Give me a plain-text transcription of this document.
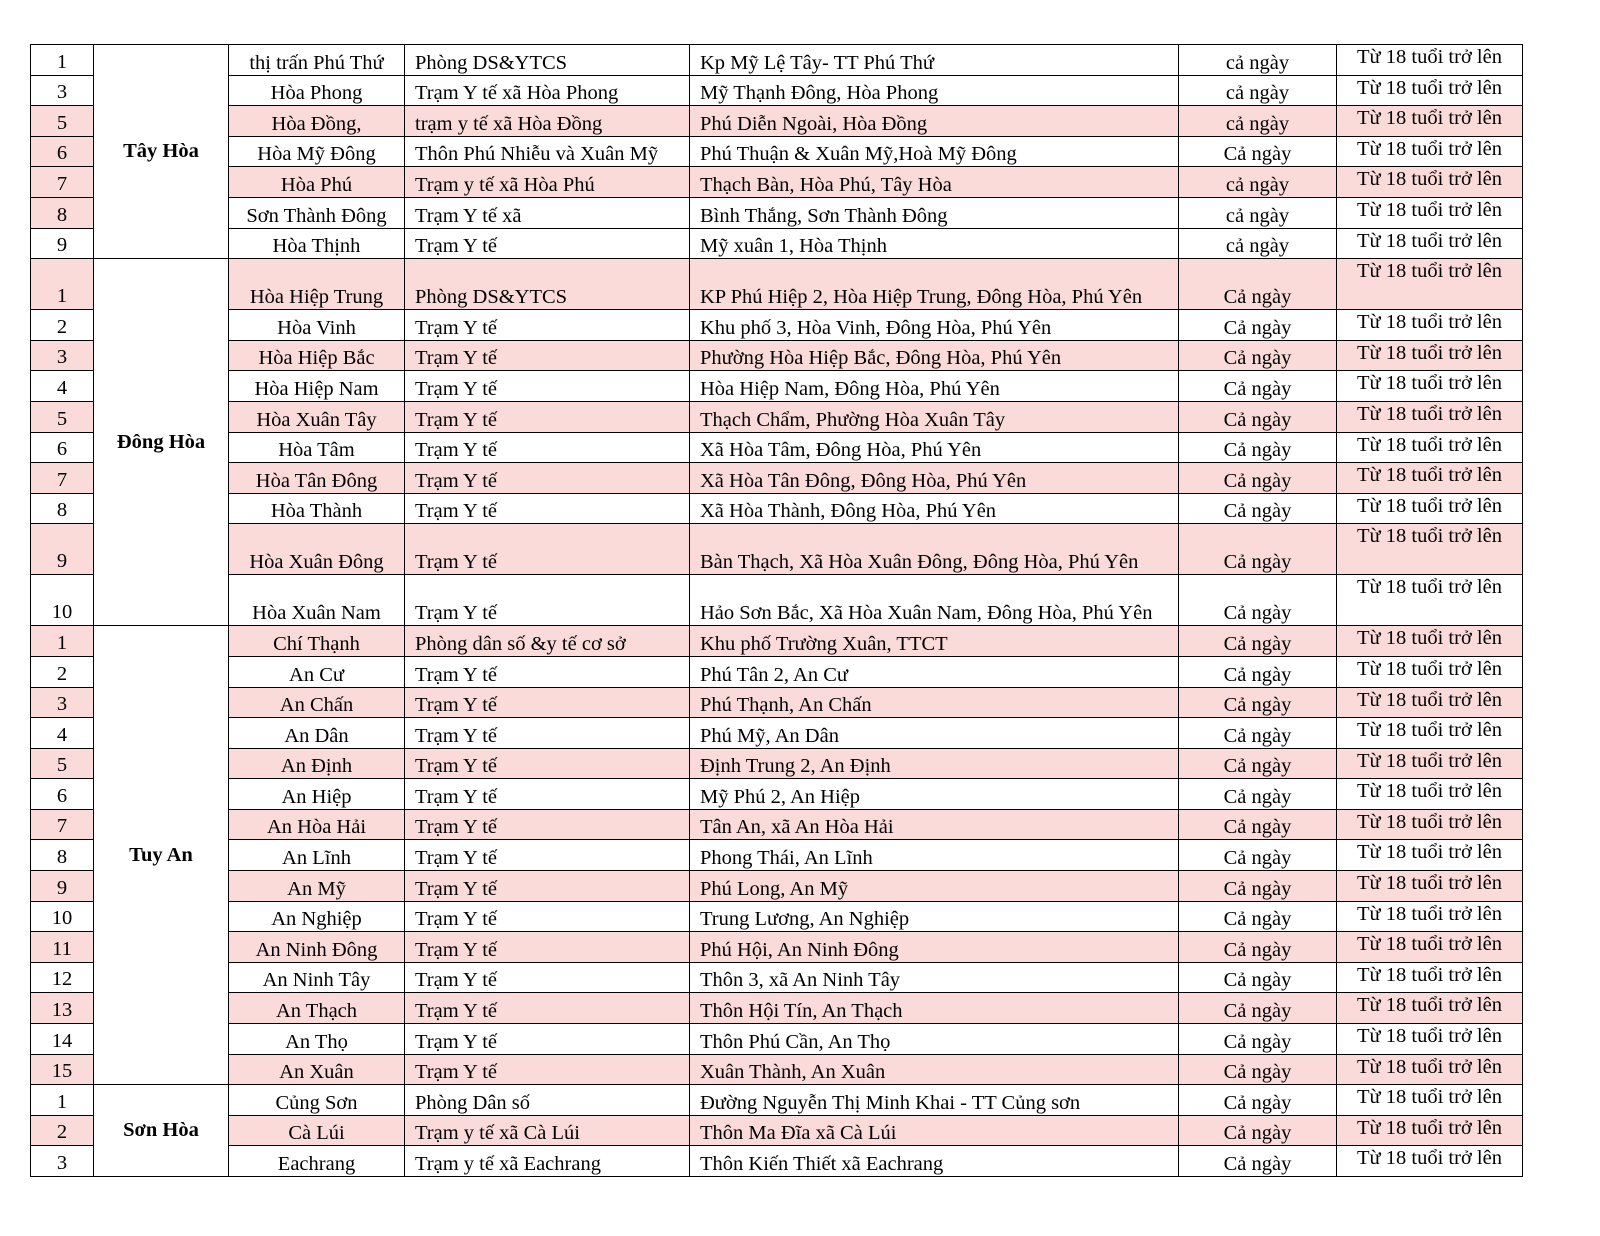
1	Tây Hòa	thị trấn Phú Thứ	Phòng DS&YTCS	Kp Mỹ Lệ Tây- TT Phú Thứ	cả ngày	Từ 18 tuổi trở lên
3		Hòa Phong	Trạm Y tế xã Hòa Phong	Mỹ Thạnh Đông, Hòa Phong	cả ngày	Từ 18 tuổi trở lên
5		Hòa Đồng,	trạm y tế xã Hòa Đồng	Phú Diễn Ngoài, Hòa Đồng	cả ngày	Từ 18 tuổi trở lên
6		Hòa Mỹ Đông	Thôn Phú Nhiễu và Xuân Mỹ	Phú Thuận & Xuân Mỹ,Hoà Mỹ Đông	Cả ngày	Từ 18 tuổi trở lên
7		Hòa Phú	Trạm y tế xã Hòa Phú	Thạch Bàn, Hòa Phú, Tây Hòa	cả ngày	Từ 18 tuổi trở lên
8		Sơn Thành Đông	Trạm Y tế xã	Bình Thắng, Sơn Thành Đông	cả ngày	Từ 18 tuổi trở lên
9		Hòa Thịnh	Trạm Y tế	Mỹ xuân 1, Hòa Thịnh	cả ngày	Từ 18 tuổi trở lên
1	Đông Hòa	Hòa Hiệp Trung	Phòng DS&YTCS	KP Phú Hiệp 2, Hòa Hiệp Trung, Đông Hòa, Phú Yên	Cả ngày	Từ 18 tuổi trở lên
2		Hòa Vinh	Trạm Y tế	Khu phố 3, Hòa Vinh, Đông Hòa, Phú Yên	Cả ngày	Từ 18 tuổi trở lên
3		Hòa Hiệp Bắc	Trạm Y tế	Phường Hòa Hiệp Bắc, Đông Hòa, Phú Yên	Cả ngày	Từ 18 tuổi trở lên
4		Hòa Hiệp Nam	Trạm Y tế	Hòa Hiệp Nam, Đông Hòa, Phú Yên	Cả ngày	Từ 18 tuổi trở lên
5		Hòa Xuân Tây	Trạm Y tế	Thạch Chẩm, Phường Hòa Xuân Tây	Cả ngày	Từ 18 tuổi trở lên
6		Hòa Tâm	Trạm Y tế	Xã Hòa Tâm, Đông Hòa, Phú Yên	Cả ngày	Từ 18 tuổi trở lên
7		Hòa Tân Đông	Trạm Y tế	Xã Hòa Tân Đông, Đông Hòa, Phú Yên	Cả ngày	Từ 18 tuổi trở lên
8		Hòa Thành	Trạm Y tế	Xã Hòa Thành, Đông Hòa, Phú Yên	Cả ngày	Từ 18 tuổi trở lên
9		Hòa Xuân Đông	Trạm Y tế	Bàn Thạch, Xã Hòa Xuân Đông, Đông Hòa, Phú Yên	Cả ngày	Từ 18 tuổi trở lên
10		Hòa Xuân Nam	Trạm Y tế	Hảo Sơn Bắc, Xã Hòa Xuân Nam, Đông Hòa, Phú Yên	Cả ngày	Từ 18 tuổi trở lên
1	Tuy An	Chí Thạnh	Phòng dân số &y tế cơ sở	Khu phố Trường Xuân, TTCT	Cả ngày	Từ 18 tuổi trở lên
2		An Cư	Trạm Y tế	Phú Tân 2, An Cư	Cả ngày	Từ 18 tuổi trở lên
3		An Chấn	Trạm Y tế	Phú Thạnh, An Chấn	Cả ngày	Từ 18 tuổi trở lên
4		An Dân	Trạm Y tế	Phú Mỹ, An Dân	Cả ngày	Từ 18 tuổi trở lên
5		An Định	Trạm Y tế	Định Trung 2, An Định	Cả ngày	Từ 18 tuổi trở lên
6		An Hiệp	Trạm Y tế	Mỹ Phú 2, An Hiệp	Cả ngày	Từ 18 tuổi trở lên
7		An Hòa Hải	Trạm Y tế	Tân An, xã An Hòa Hải	Cả ngày	Từ 18 tuổi trở lên
8		An Lĩnh	Trạm Y tế	Phong Thái, An Lĩnh	Cả ngày	Từ 18 tuổi trở lên
9		An Mỹ	Trạm Y tế	Phú Long, An Mỹ	Cả ngày	Từ 18 tuổi trở lên
10		An Nghiệp	Trạm Y tế	Trung Lương, An Nghiệp	Cả ngày	Từ 18 tuổi trở lên
11		An Ninh Đông	Trạm Y tế	Phú Hội, An Ninh Đông	Cả ngày	Từ 18 tuổi trở lên
12		An Ninh Tây	Trạm Y tế	Thôn 3, xã An Ninh Tây	Cả ngày	Từ 18 tuổi trở lên
13		An Thạch	Trạm Y tế	Thôn Hội Tín, An Thạch	Cả ngày	Từ 18 tuổi trở lên
14		An Thọ	Trạm Y tế	Thôn Phú Cần, An Thọ	Cả ngày	Từ 18 tuổi trở lên
15		An Xuân	Trạm Y tế	Xuân Thành, An Xuân	Cả ngày	Từ 18 tuổi trở lên
1	Sơn Hòa	Củng Sơn	Phòng Dân số	Đường Nguyễn Thị Minh Khai - TT Củng sơn	Cả ngày	Từ 18 tuổi trở lên
2		Cà Lúi	Trạm y tế xã Cà Lúi	Thôn Ma Đĩa xã Cà Lúi	Cả ngày	Từ 18 tuổi trở lên
3		Eachrang	Trạm y tế xã Eachrang	Thôn Kiến Thiết xã Eachrang	Cả ngày	Từ 18 tuổi trở lên
